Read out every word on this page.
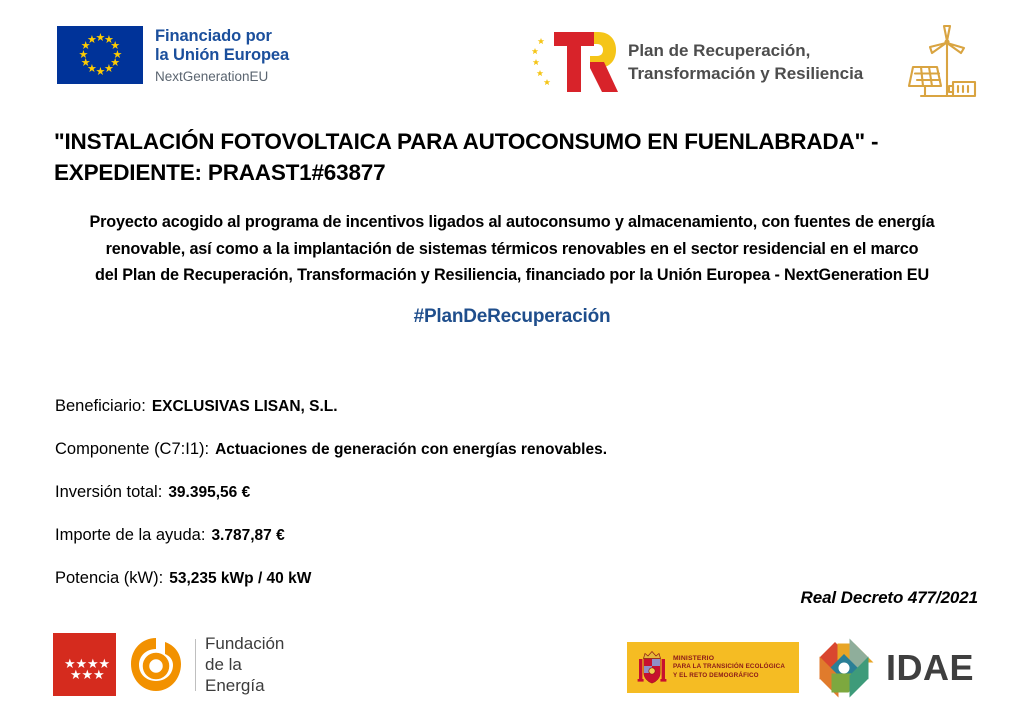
★
★
★
★
★
★
★
★
★
★
★
★	Financiado por
la Unión Europea
NextGenerationEU
Plan de Recuperación,
Transformación y Resiliencia
"INSTALACIÓN FOTOVOLTAICA PARA AUTOCONSUMO EN FUENLABRADA" -
EXPEDIENTE: PRAAST1#63877
Proyecto acogido al programa de incentivos ligados al autoconsumo y almacenamiento, con fuentes de energía
renovable, así como a la implantación de sistemas térmicos renovables en el sector residencial en el marco
del Plan de Recuperación, Transformación y Resiliencia, financiado por la Unión Europea - NextGeneration EU
#PlanDeRecuperación
Beneficiario: EXCLUSIVAS LISAN, S.L.
Componente (C7:I1): Actuaciones de generación con energías renovables.
Inversión total: 39.395,56 €
Importe de la ayuda: 3.787,87 €
Potencia (kW): 53,235 kWp / 40 kW
Real Decreto 477/2021
★ ★ ★ ★
★ ★ ★
Fundación
de la
Energía
MINISTERIO
PARA LA TRANSICIÓN ECOLÓGICA
Y EL RETO DEMOGRÁFICO	IDAE
